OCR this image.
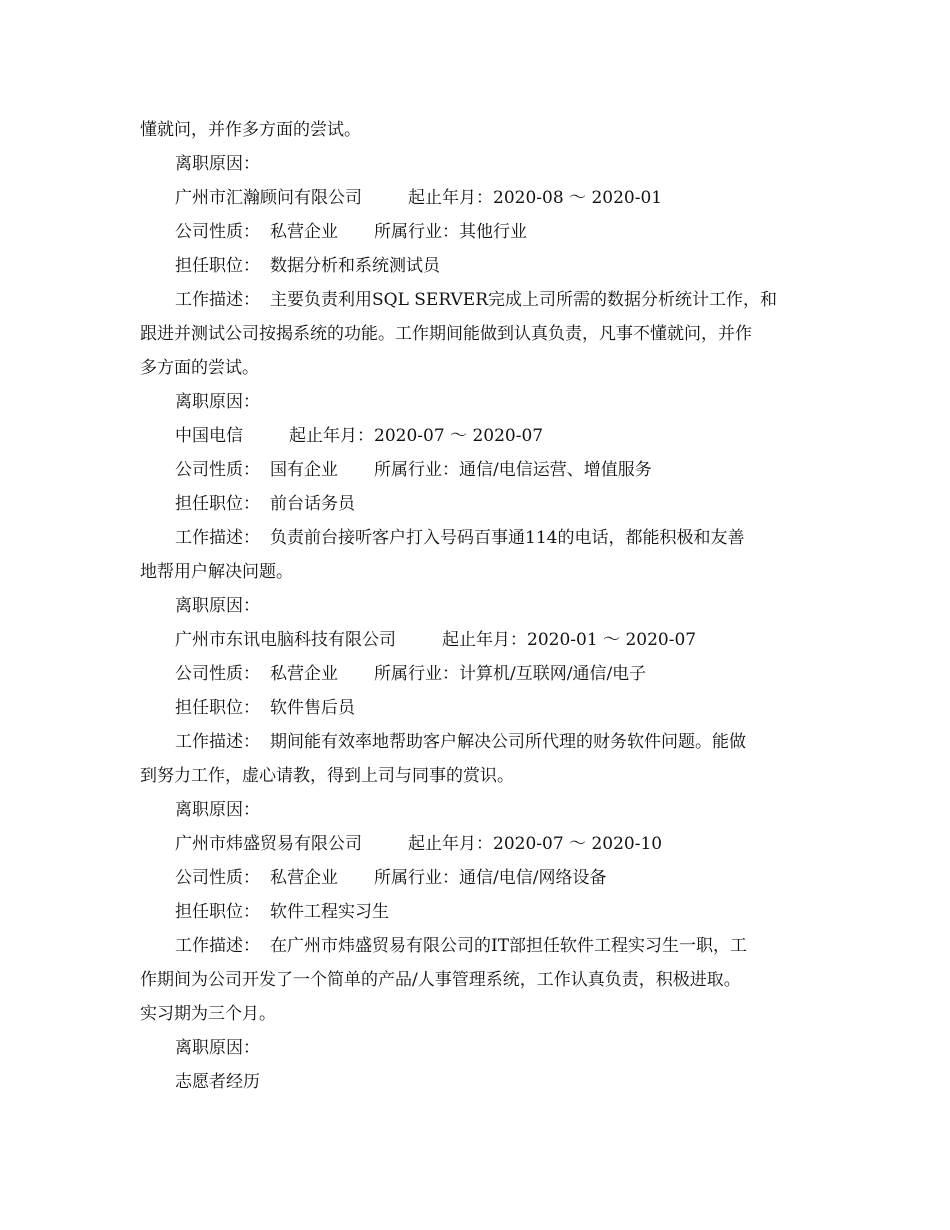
懂就问，并作多方面的尝试。
离职原因：
广州市汇瀚顾问有限公司	起止年月：2020-08 ～ 2020-01
公司性质： 私营企业 所属行业：其他行业
担任职位： 数据分析和系统测试员
工作描述： 主要负责利用SQL SERVER完成上司所需的数据分析统计工作，和
跟进并测试公司按揭系统的功能。工作期间能做到认真负责，凡事不懂就问，并作
多方面的尝试。
离职原因：
中国电信	起止年月：2020-07 ～ 2020-07
公司性质： 国有企业 所属行业：通信/电信运营、增值服务
担任职位： 前台话务员
工作描述： 负责前台接听客户打入号码百事通114的电话，都能积极和友善
地帮用户解决问题。
离职原因：
广州市东讯电脑科技有限公司	起止年月：2020-01 ～ 2020-07
公司性质： 私营企业 所属行业：计算机/互联网/通信/电子
担任职位： 软件售后员
工作描述： 期间能有效率地帮助客户解决公司所代理的财务软件问题。能做
到努力工作，虚心请教，得到上司与同事的赏识。
离职原因：
广州市炜盛贸易有限公司	起止年月：2020-07 ～ 2020-10
公司性质： 私营企业 所属行业：通信/电信/网络设备
担任职位： 软件工程实习生
工作描述： 在广州市炜盛贸易有限公司的IT部担任软件工程实习生一职，工
作期间为公司开发了一个简单的产品/人事管理系统，工作认真负责，积极进取。
实习期为三个月。
离职原因：
志愿者经历
